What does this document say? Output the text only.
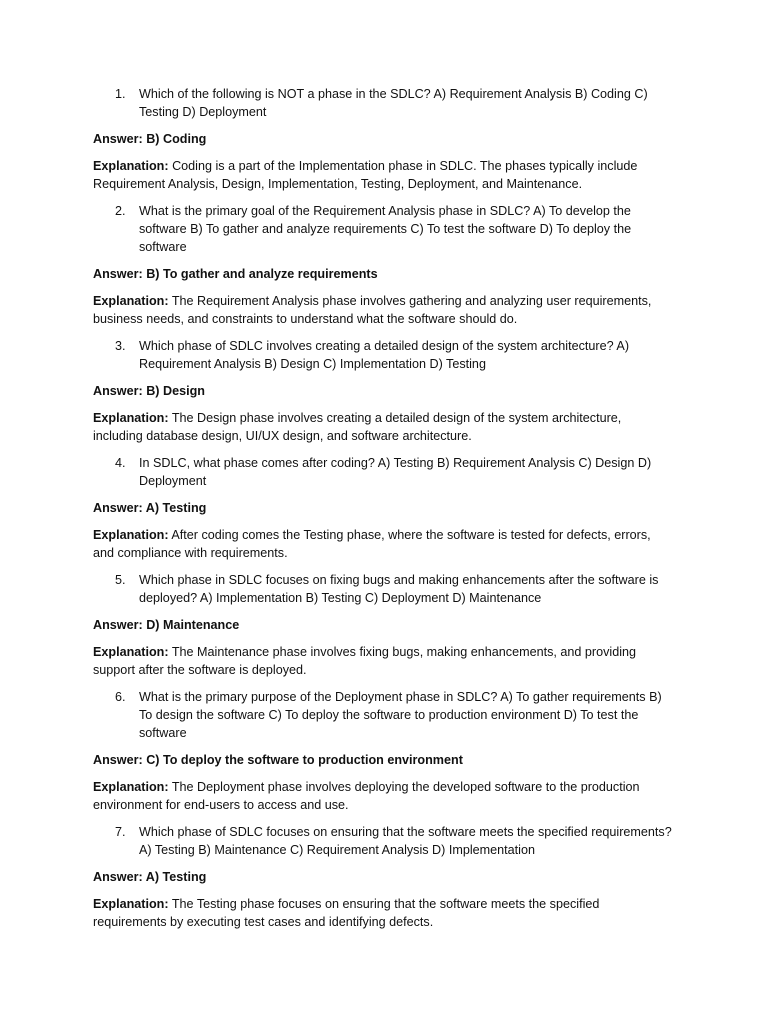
1. Which of the following is NOT a phase in the SDLC? A) Requirement Analysis B) Coding C) Testing D) Deployment

Answer: B) Coding

Explanation: Coding is a part of the Implementation phase in SDLC. The phases typically include Requirement Analysis, Design, Implementation, Testing, Deployment, and Maintenance.

2. What is the primary goal of the Requirement Analysis phase in SDLC? A) To develop the software B) To gather and analyze requirements C) To test the software D) To deploy the software

Answer: B) To gather and analyze requirements

Explanation: The Requirement Analysis phase involves gathering and analyzing user requirements, business needs, and constraints to understand what the software should do.

3. Which phase of SDLC involves creating a detailed design of the system architecture? A) Requirement Analysis B) Design C) Implementation D) Testing

Answer: B) Design

Explanation: The Design phase involves creating a detailed design of the system architecture, including database design, UI/UX design, and software architecture.

4. In SDLC, what phase comes after coding? A) Testing B) Requirement Analysis C) Design D) Deployment

Answer: A) Testing

Explanation: After coding comes the Testing phase, where the software is tested for defects, errors, and compliance with requirements.

5. Which phase in SDLC focuses on fixing bugs and making enhancements after the software is deployed? A) Implementation B) Testing C) Deployment D) Maintenance

Answer: D) Maintenance

Explanation: The Maintenance phase involves fixing bugs, making enhancements, and providing support after the software is deployed.

6. What is the primary purpose of the Deployment phase in SDLC? A) To gather requirements B) To design the software C) To deploy the software to production environment D) To test the software

Answer: C) To deploy the software to production environment

Explanation: The Deployment phase involves deploying the developed software to the production environment for end-users to access and use.

7. Which phase of SDLC focuses on ensuring that the software meets the specified requirements? A) Testing B) Maintenance C) Requirement Analysis D) Implementation

Answer: A) Testing

Explanation: The Testing phase focuses on ensuring that the software meets the specified requirements by executing test cases and identifying defects.
